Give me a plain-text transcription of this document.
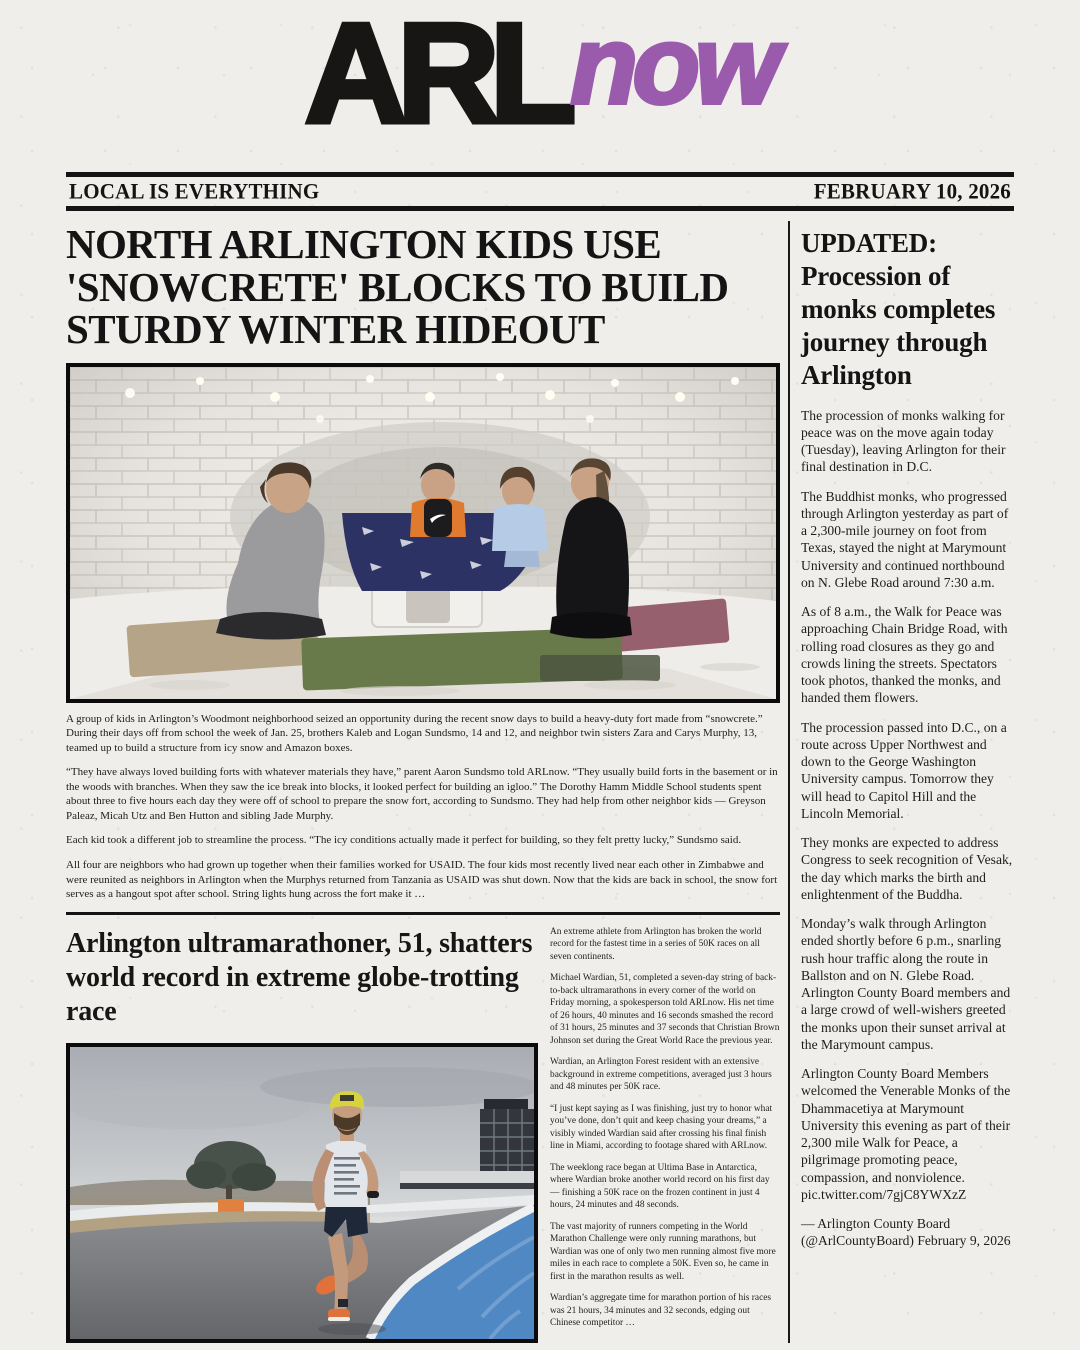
ARL now
LOCAL IS EVERYTHING	FEBRUARY 10, 2026
NORTH ARLINGTON KIDS USE 'SNOWCRETE' BLOCKS TO BUILD STURDY WINTER HIDEOUT

A group of kids in Arlington’s Woodmont neighborhood seized an opportunity during the recent snow days to build a heavy-duty fort made from “snowcrete.” During their days off from school the week of Jan. 25, brothers Kaleb and Logan Sundsmo, 14 and 12, and neighbor twin sisters Zara and Carys Murphy, 13, teamed up to build a structure from icy snow and Amazon boxes.

“They have always loved building forts with whatever materials they have,” parent Aaron Sundsmo told ARLnow. “They usually build forts in the basement or in the woods with branches. When they saw the ice break into blocks, it looked perfect for building an igloo.” The Dorothy Hamm Middle School students spent about three to five hours each day they were off of school to prepare the snow fort, according to Sundsmo. They had help from other neighbor kids — Greyson Paleaz, Micah Utz and Ben Hutton and sibling Jade Murphy.

Each kid took a different job to streamline the process. “The icy conditions actually made it perfect for building, so they felt pretty lucky,” Sundsmo said.

All four are neighbors who had grown up together when their families worked for USAID. The four kids most recently lived near each other in Zimbabwe and were reunited as neighbors in Arlington when the Murphys returned from Tanzania as USAID was shut down. Now that the kids are back in school, the snow fort serves as a hangout spot after school. String lights hung across the fort make it …

Arlington ultramarathoner, 51, shatters world record in extreme globe-trotting race

An extreme athlete from Arlington has broken the world record for the fastest time in a series of 50K races on all seven continents.

Michael Wardian, 51, completed a seven-day string of back-to-back ultramarathons in every corner of the world on Friday morning, a spokesperson told ARLnow. His net time of 26 hours, 40 minutes and 16 seconds smashed the record of 31 hours, 25 minutes and 37 seconds that Christian Brown Johnson set during the Great World Race the previous year.

Wardian, an Arlington Forest resident with an extensive background in extreme competitions, averaged just 3 hours and 48 minutes per 50K race.

“I just kept saying as I was finishing, just try to honor what you’ve done, don’t quit and keep chasing your dreams,” a visibly winded Wardian said after crossing his final finish line in Miami, according to footage shared with ARLnow.

The weeklong race began at Ultima Base in Antarctica, where Wardian broke another world record on his first day — finishing a 50K race on the frozen continent in just 4 hours, 24 minutes and 48 seconds.

The vast majority of runners competing in the World Marathon Challenge were only running marathons, but Wardian was one of only two men running almost five more miles in each race to complete a 50K. Even so, he came in first in the marathon results as well.

Wardian’s aggregate time for marathon portion of his races was 21 hours, 34 minutes and 32 seconds, edging out Chinese competitor …

UPDATED: Procession of monks completes journey through Arlington

The procession of monks walking for peace was on the move again today (Tuesday), leaving Arlington for their final destination in D.C.

The Buddhist monks, who progressed through Arlington yesterday as part of a 2,300-mile journey on foot from Texas, stayed the night at Marymount University and continued northbound on N. Glebe Road around 7:30 a.m.

As of 8 a.m., the Walk for Peace was approaching Chain Bridge Road, with rolling road closures as they go and crowds lining the streets. Spectators took photos, thanked the monks, and handed them flowers.

The procession passed into D.C., on a route across Upper Northwest and down to the George Washington University campus. Tomorrow they will head to Capitol Hill and the Lincoln Memorial.

They monks are expected to address Congress to seek recognition of Vesak, the day which marks the birth and enlightenment of the Buddha.

Monday’s walk through Arlington ended shortly before 6 p.m., snarling rush hour traffic along the route in Ballston and on N. Glebe Road. Arlington County Board members and a large crowd of well-wishers greeted the monks upon their sunset arrival at the Marymount campus.

Arlington County Board Members welcomed the Venerable Monks of the Dhammacetiya at Marymount University this evening as part of their 2,300 mile Walk for Peace, a pilgrimage promoting peace, compassion, and nonviolence. pic.twitter.com/7gjC8YWXzZ

— Arlington County Board (@ArlCountyBoard) February 9, 2026
